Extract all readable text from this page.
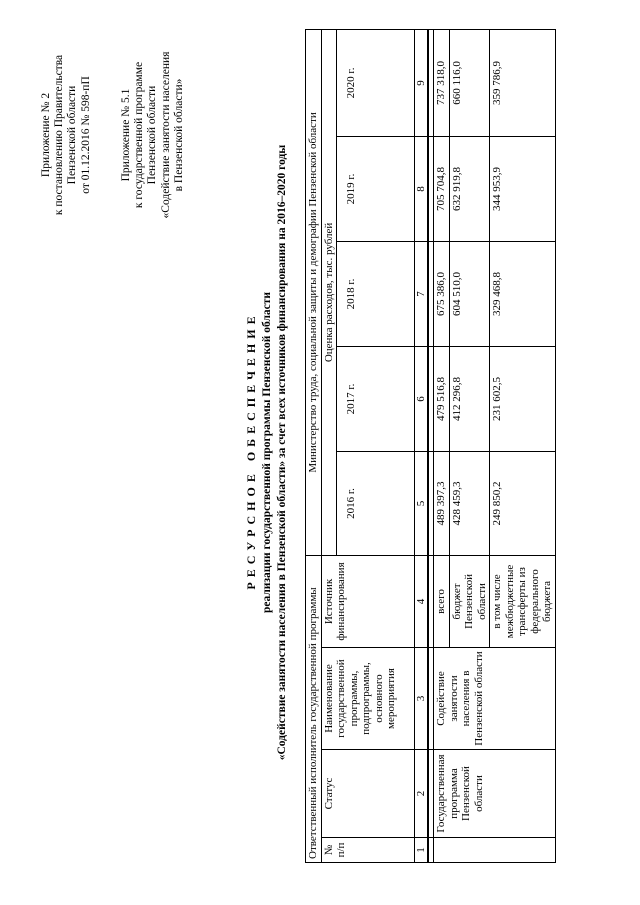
Приложение № 2 к постановлению Правительства Пензенской области от 01.12.2016 № 598-пП Приложение № 5.1 к государственной программе Пензенской области «Содействие занятости населения в Пензенской области»
Р Е С У Р С Н О Е   О Б Е С П Е Ч Е Н И Е реализации государственной программы Пензенской области «Содействие занятости населения в Пензенской области» за счет всех источников финансирования на 2016–2020 годы Ответственный исполнитель государственной программы				Министерство труда, социальной защиты и демографии Пензенской области				
№ п/п	Статус	Наименование государственной программы, подпрограммы, основного мероприятия	Источник финансирования	Оценка расходов, тыс. рублей				
				2016 г.	2017 г.	2018 г.	2019 г.	2020 г.
1	2	3	4	5	6	7	8	9

	Государственная программа Пензенской области	Содействие занятости населения в Пензенской области	всего	489 397,3	479 516,8	675 386,0	705 704,8	737 318,0
			бюджет Пензенской области	428 459,3	412 296,8	604 510,0	632 919,8	660 116,0
			в том числе межбюджетные трансферты из федерального бюджета	249 850,2	231 602,5	329 468,8	344 953,9	359 786,9
